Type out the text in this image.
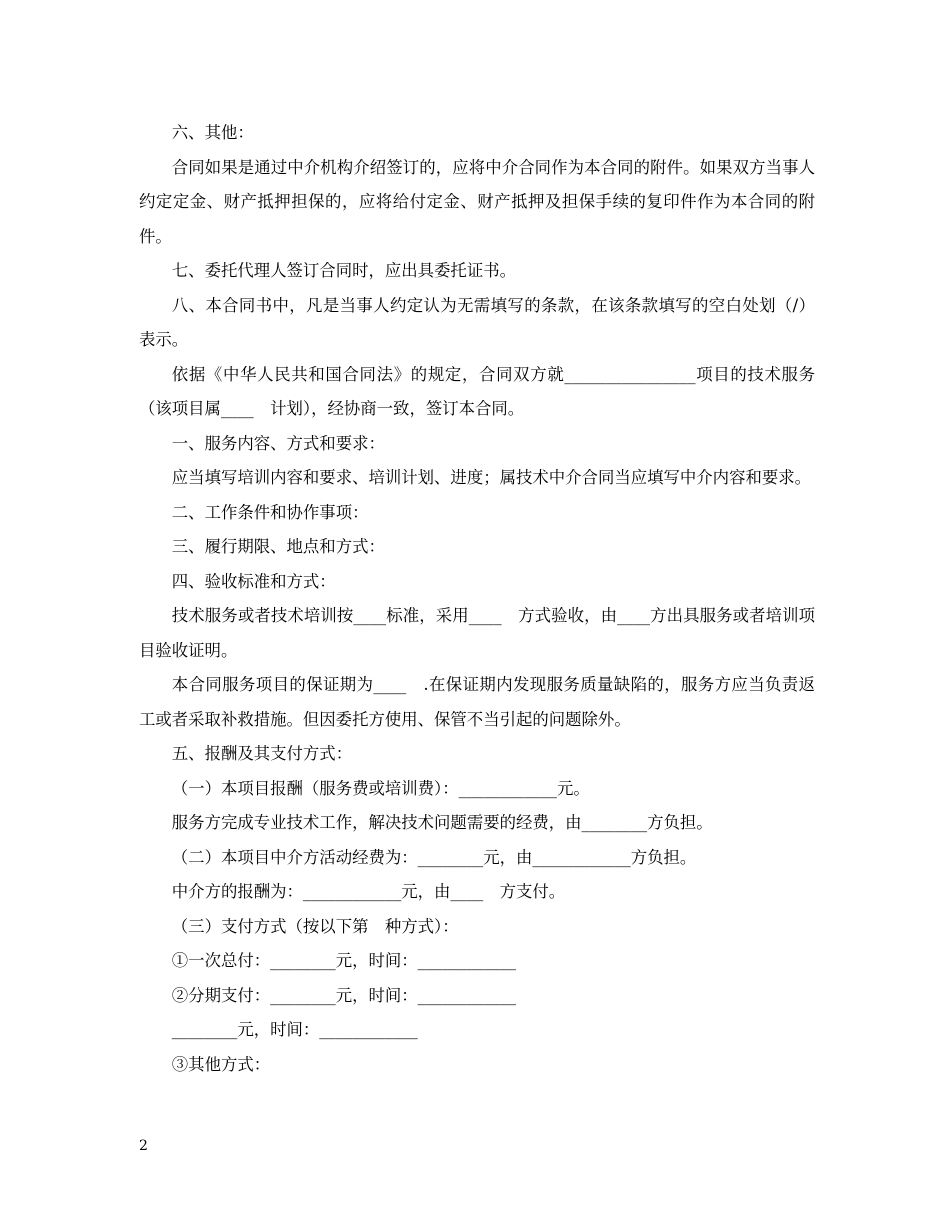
六、其他：

合同如果是通过中介机构介绍签订的，应将中介合同作为本合同的附件。如果双方当事人约定定金、财产抵押担保的，应将给付定金、财产抵押及担保手续的复印件作为本合同的附件。

七、委托代理人签订合同时，应出具委托证书。

八、本合同书中，凡是当事人约定认为无需填写的条款，在该条款填写的空白处划（/）表示。

依据《中华人民共和国合同法》的规定，合同双方就________________项目的技术服务（该项目属____　计划），经协商一致，签订本合同。

一、服务内容、方式和要求：

应当填写培训内容和要求、培训计划、进度；属技术中介合同当应填写中介内容和要求。

二、工作条件和协作事项：

三、履行期限、地点和方式：

四、验收标准和方式：

技术服务或者技术培训按____标准，采用____　方式验收，由____方出具服务或者培训项目验收证明。

本合同服务项目的保证期为____　.在保证期内发现服务质量缺陷的，服务方应当负责返工或者采取补救措施。但因委托方使用、保管不当引起的问题除外。

五、报酬及其支付方式：

（一）本项目报酬（服务费或培训费）：____________元。

服务方完成专业技术工作，解决技术问题需要的经费，由________方负担。

（二）本项目中介方活动经费为：________元，由____________方负担。

中介方的报酬为：____________元，由____　方支付。

（三）支付方式（按以下第　种方式）：

①一次总付：________元，时间：____________

②分期支付：________元，时间：____________

________元，时间：____________

③其他方式：

2
